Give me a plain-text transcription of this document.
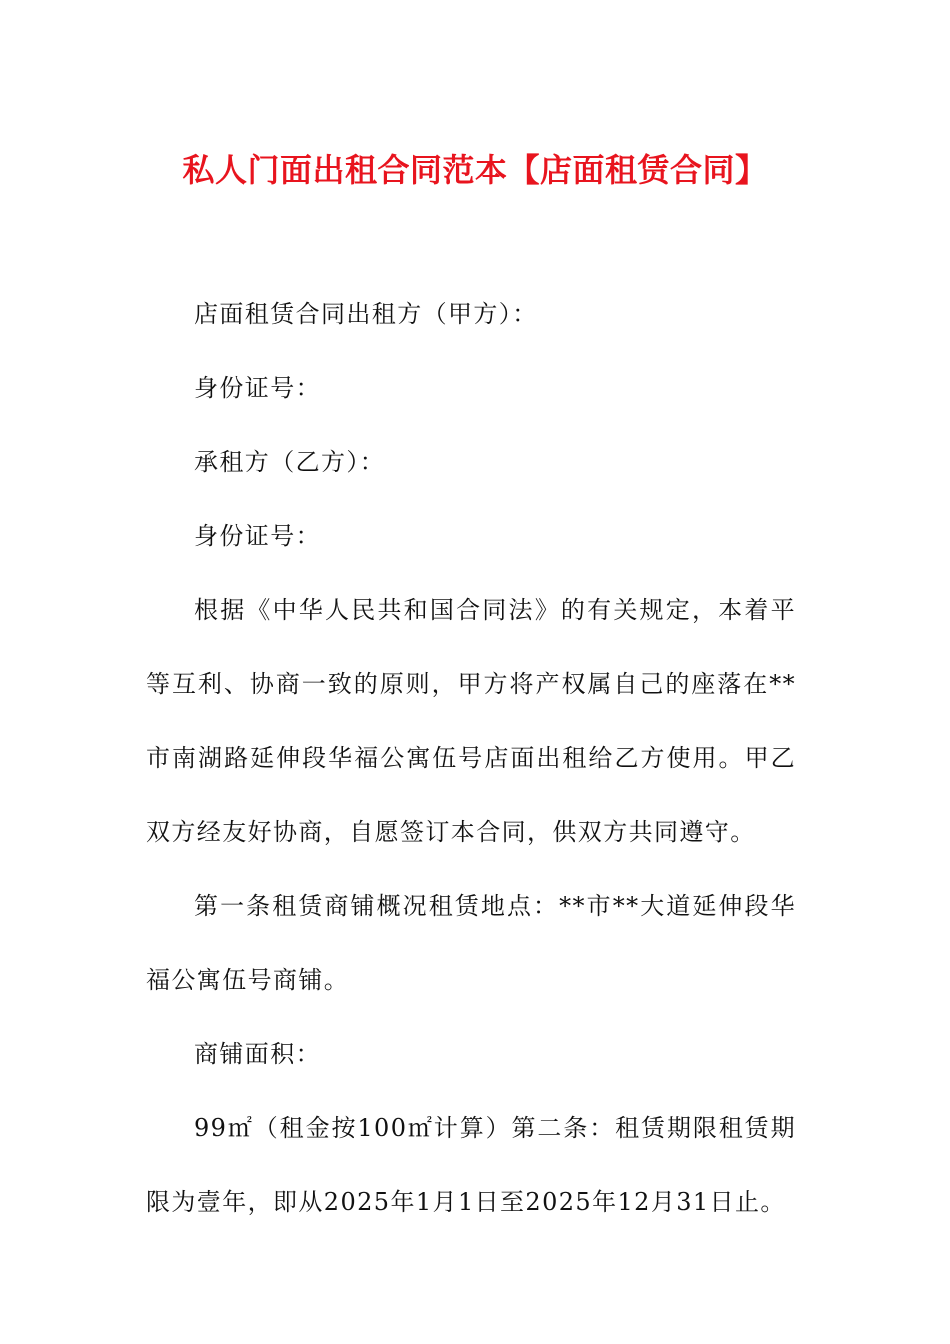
私人门面出租合同范本【店面租赁合同】

店面租赁合同出租方（甲方）：

身份证号：

承租方（乙方）：

身份证号：

根据《中华人民共和国合同法》的有关规定，本着平等互利、协商一致的原则，甲方将产权属自己的座落在**市南湖路延伸段华福公寓伍号店面出租给乙方使用。甲乙双方经友好协商，自愿签订本合同，供双方共同遵守。

第一条租赁商铺概况租赁地点：**市**大道延伸段华福公寓伍号商铺。

商铺面积：

99㎡（租金按100㎡计算）第二条：租赁期限租赁期限为壹年，即从2025年1月1日至2025年12月31日止。
